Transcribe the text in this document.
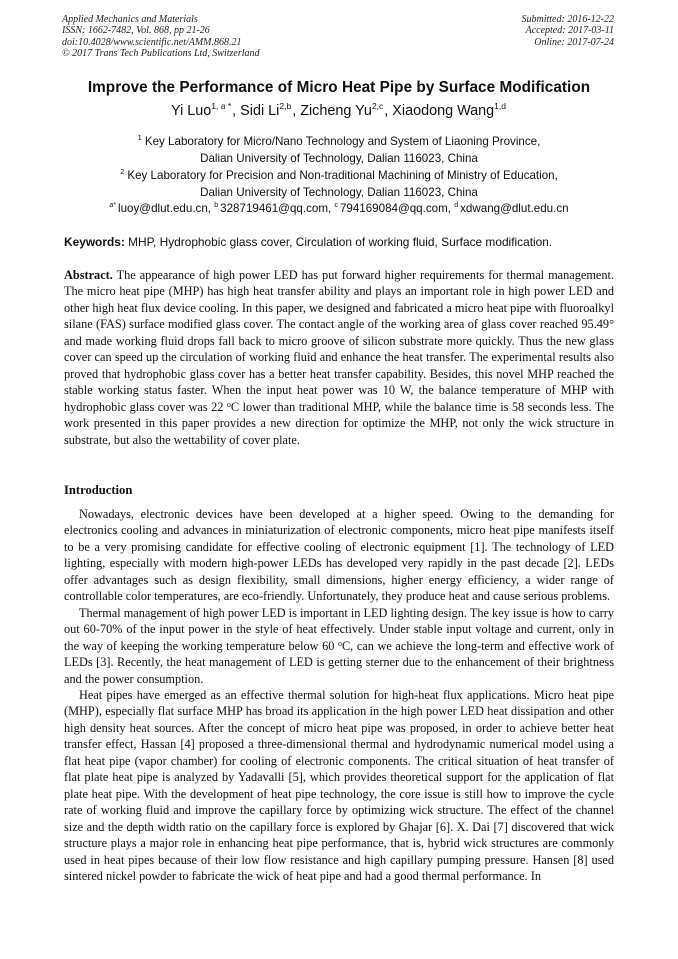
Applied Mechanics and Materials
ISSN: 1662-7482, Vol. 868, pp 21-26
doi:10.4028/www.scientific.net/AMM.868.21
© 2017 Trans Tech Publications Ltd, Switzerland
Submitted: 2016-12-22
Accepted: 2017-03-11
Online: 2017-07-24
Improve the Performance of Micro Heat Pipe by Surface Modification
Yi Luo$^{1, a *}$, Sidi Li$^{2,b}$, Zicheng Yu$^{2,c}$, Xiaodong Wang$^{1,d}$
$^1$ Key Laboratory for Micro/Nano Technology and System of Liaoning Province,
Dalian University of Technology, Dalian 116023, China
$^2$ Key Laboratory for Precision and Non-traditional Machining of Ministry of Education,
Dalian University of Technology, Dalian 116023, China
$^{a*}$ luoy@dlut.edu.cn, $^b$ 328719461@qq.com, $^c$ 794169084@qq.com, $^d$ xdwang@dlut.edu.cn
Keywords: MHP, Hydrophobic glass cover, Circulation of working fluid, Surface modification.
Abstract. The appearance of high power LED has put forward higher requirements for thermal management. The micro heat pipe (MHP) has high heat transfer ability and plays an important role in high power LED and other high heat flux device cooling. In this paper, we designed and fabricated a micro heat pipe with fluoroalkyl silane (FAS) surface modified glass cover. The contact angle of the working area of glass cover reached 95.49° and made working fluid drops fall back to micro groove of silicon substrate more quickly. Thus the new glass cover can speed up the circulation of working fluid and enhance the heat transfer. The experimental results also proved that hydrophobic glass cover has a better heat transfer capability. Besides, this novel MHP reached the stable working status faster. When the input heat power was 10 W, the balance temperature of MHP with hydrophobic glass cover was 22 $^o$C lower than traditional MHP, while the balance time is 58 seconds less. The work presented in this paper provides a new direction for optimize the MHP, not only the wick structure in substrate, but also the wettability of cover plate.
Introduction

Nowadays, electronic devices have been developed at a higher speed. Owing to the demanding for electronics cooling and advances in miniaturization of electronic components, micro heat pipe manifests itself to be a very promising candidate for effective cooling of electronic equipment [1]. The technology of LED lighting, especially with modern high-power LEDs has developed very rapidly in the past decade [2]. LEDs offer advantages such as design flexibility, small dimensions, higher energy efficiency, a wider range of controllable color temperatures, are eco-friendly. Unfortunately, they produce heat and cause serious problems.

Thermal management of high power LED is important in LED lighting design. The key issue is how to carry out 60-70% of the input power in the style of heat effectively. Under stable input voltage and current, only in the way of keeping the working temperature below 60 $^o$C, can we achieve the long-term and effective work of LEDs [3]. Recently, the heat management of LED is getting sterner due to the enhancement of their brightness and the power consumption.

Heat pipes have emerged as an effective thermal solution for high-heat flux applications. Micro heat pipe (MHP), especially flat surface MHP has broad its application in the high power LED heat dissipation and other high density heat sources. After the concept of micro heat pipe was proposed, in order to achieve better heat transfer effect, Hassan [4] proposed a three-dimensional thermal and hydrodynamic numerical model using a flat heat pipe (vapor chamber) for cooling of electronic components. The critical situation of heat transfer of flat plate heat pipe is analyzed by Yadavalli [5], which provides theoretical support for the application of flat plate heat pipe. With the development of heat pipe technology, the core issue is still how to improve the cycle rate of working fluid and improve the capillary force by optimizing wick structure. The effect of the channel size and the depth width ratio on the capillary force is explored by Ghajar [6]. X. Dai [7] discovered that wick structure plays a major role in enhancing heat pipe performance, that is, hybrid wick structures are commonly used in heat pipes because of their low flow resistance and high capillary pumping pressure. Hansen [8] used sintered nickel powder to fabricate the wick of heat pipe and had a good thermal performance. In
